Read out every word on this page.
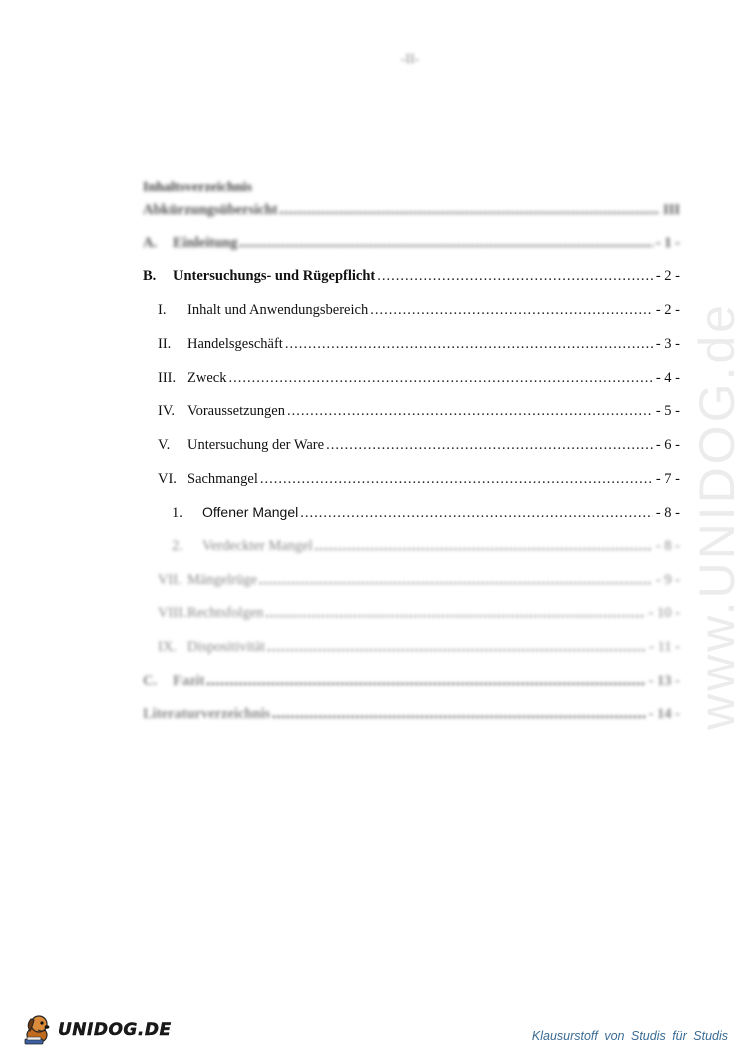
-II-
www.UNIDOG.de
Inhaltsverzeichnis
Abkürzungsübersicht .....	III
A.	Einleitung .....	- 1 -
B.	Untersuchungs- und Rügepflicht .....	- 2 -
I.	Inhalt und Anwendungsbereich .....	- 2 -
II.	Handelsgeschäft .....	- 3 -
III. Zweck .....	- 4 -
IV. Voraussetzungen .....	- 5 -
V.	Untersuchung der Ware .....	- 6 -
VI. Sachmangel .....	- 7 -
1.	Offener Mangel .....	- 8 -
2.	Verdeckter Mangel .....	- 8 -
VII. Mängelrüge .....	- 9 -
VIII. Rechtsfolgen .....	- 10 -
IX. Dispositivität .....	- 11 -
C.	Fazit .....	- 13 -
Literaturverzeichnis .....	- 14 -
UNIDOG.DE	Klausurstoff von Studis für Studis
